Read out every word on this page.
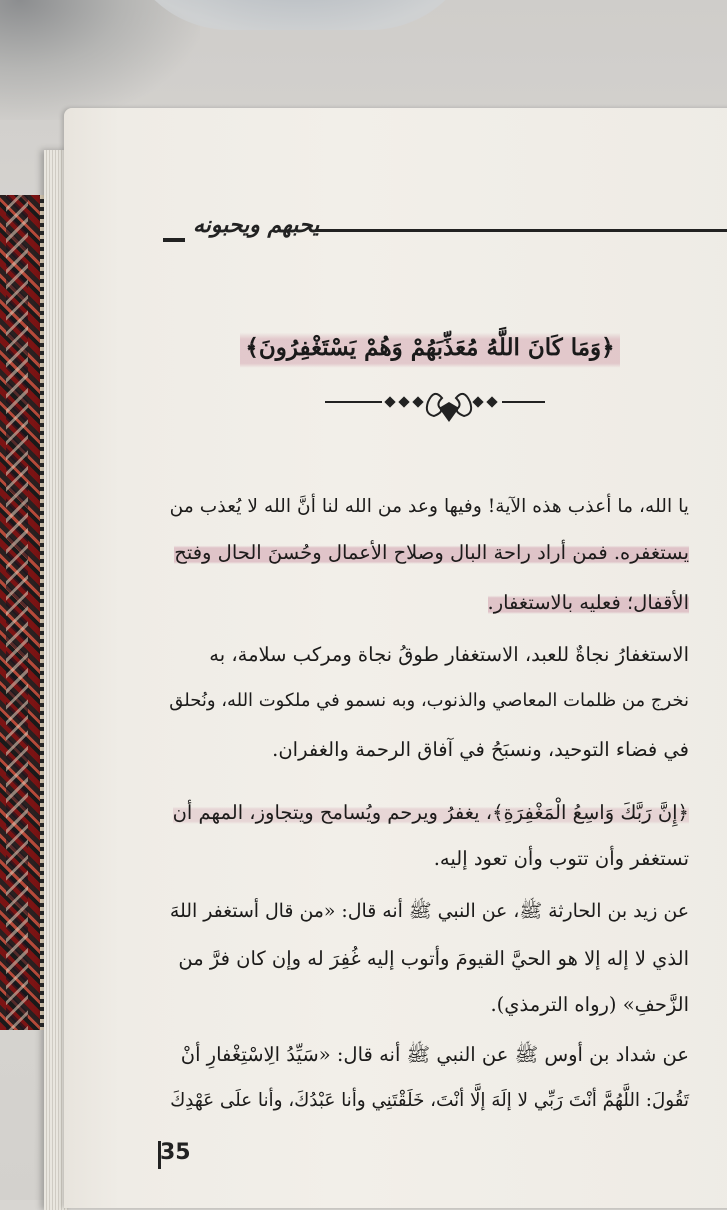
يحبهم ويحبونه
﴿وَمَا كَانَ اللَّهُ مُعَذِّبَهُمْ وَهُمْ يَسْتَغْفِرُونَ﴾
يا الله، ما أعذب هذه الآية! وفيها وعد من الله لنا أنَّ الله لا يُعذب من
يستغفره. فمن أراد راحة البال وصلاح الأعمال وحُسنَ الحال وفتح
الأقفال؛ فعليه بالاستغفار.
الاستغفارُ نجاةٌ للعبد، الاستغفار طوقُ نجاة ومركب سلامة، به
نخرج من ظلمات المعاصي والذنوب، وبه نسمو في ملكوت الله، ونُحلق
في فضاء التوحيد، ونسبَحُ في آفاق الرحمة والغفران.
﴿إِنَّ رَبَّكَ وَاسِعُ الْمَغْفِرَةِ﴾، يغفرُ ويرحم ويُسامح ويتجاوز، المهم أن
تستغفر وأن تتوب وأن تعود إليه.
عن زيد بن الحارثة ﷺ، عن النبي ﷺ أنه قال: «من قال أستغفر اللهَ
الذي لا إله إلا هو الحيَّ القيومَ وأتوب إليه غُفِرَ له وإن كان فرَّ من
الزَّحفِ» (رواه الترمذي).
عن شداد بن أوس ﷺ عن النبي ﷺ أنه قال: «سَيِّدُ الِاسْتِغْفارِ أنْ
تَقُولَ: اللَّهُمَّ أنْتَ رَبِّي لا إلَهَ إلَّا أنْتَ، خَلَقْتَنِي وأنا عَبْدُكَ، وأنا علَى عَهْدِكَ
35
